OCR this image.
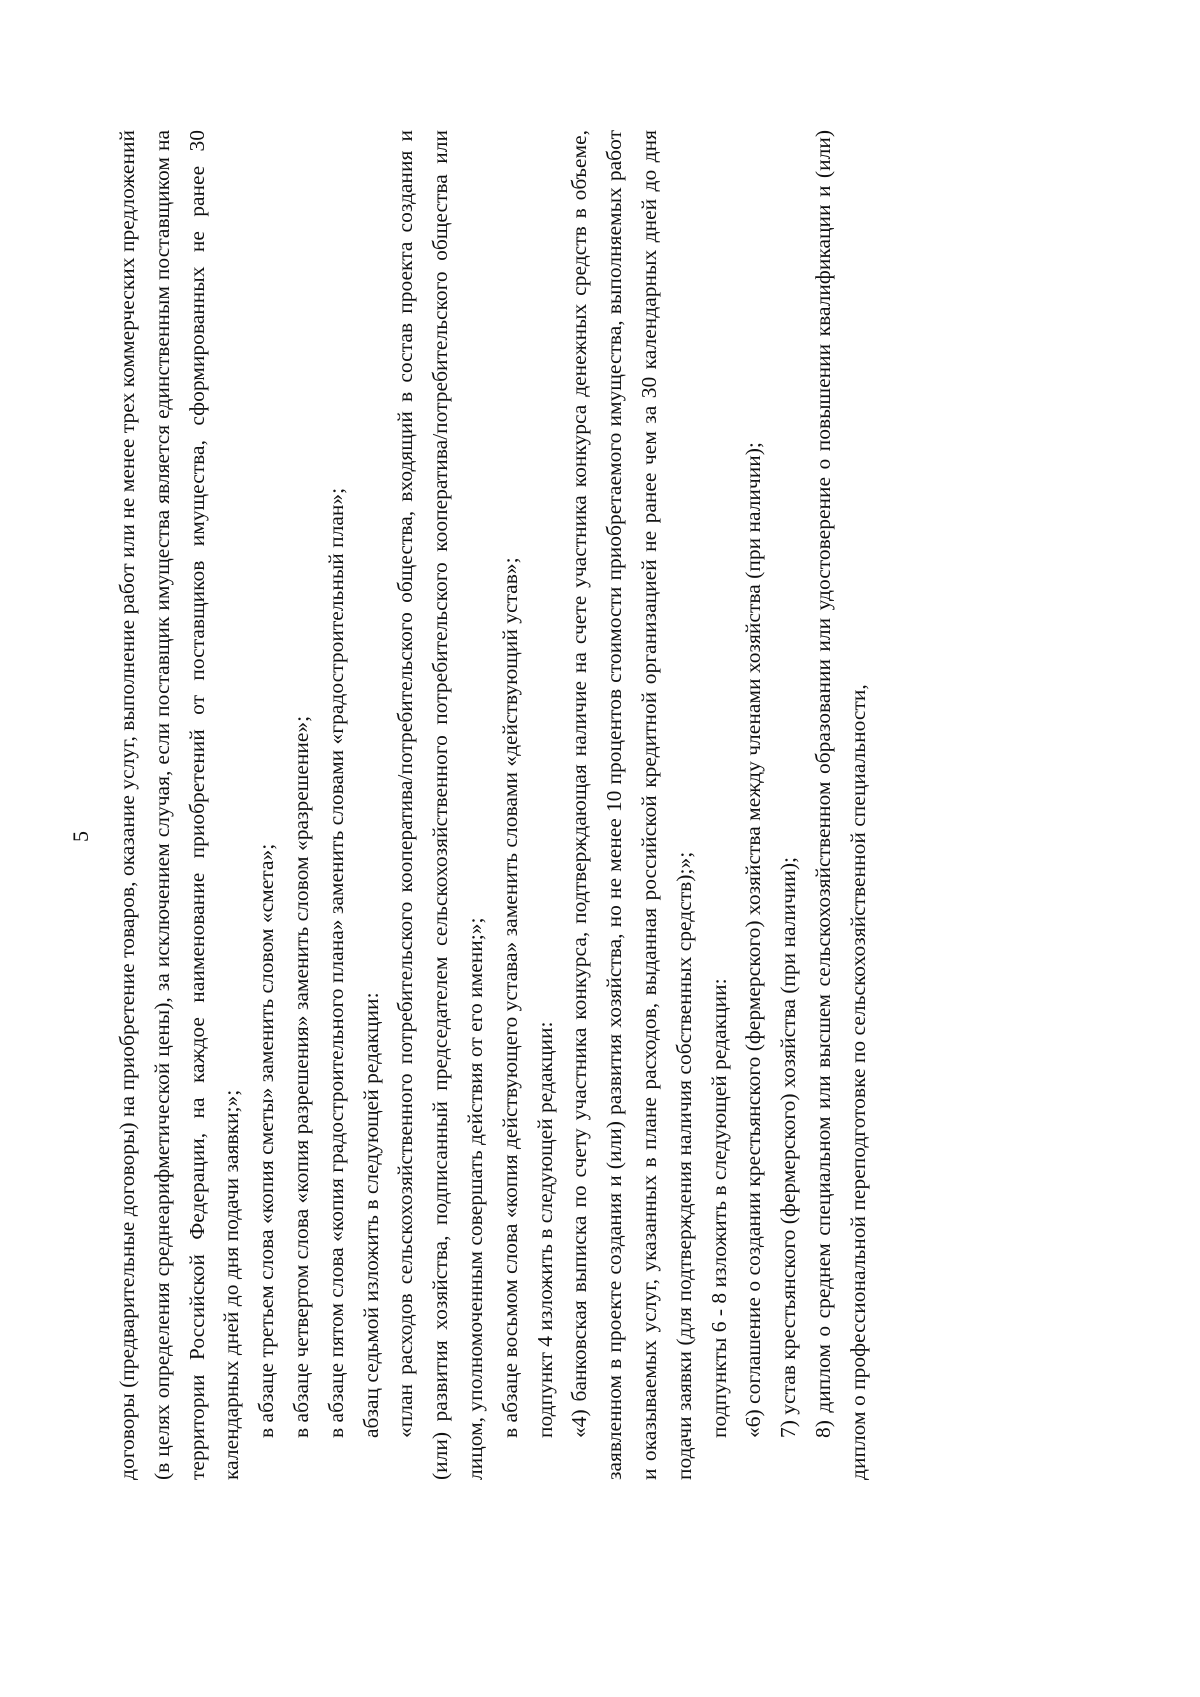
5 договоры (предварительные договоры) на приобретение товаров, оказание услуг, выполнение работ или не менее трех коммерческих предложений (в целях определения среднеарифметической цены), за исключением случая, если поставщик имущества является единственным поставщиком на территории Российской Федерации, на каждое наименование приобретений от поставщиков имущества, сформированных не ранее 30 календарных дней до дня подачи заявки;»; в абзаце третьем слова «копия сметы» заменить словом «смета»; в абзаце четвертом слова «копия разрешения» заменить словом «разрешение»; в абзаце пятом слова «копия градостроительного плана» заменить словами «градостроительный план»; абзац седьмой изложить в следующей редакции: «план расходов сельскохозяйственного потребительского кооператива/потребительского общества, входящий в состав проекта создания и (или) развития хозяйства, подписанный председателем сельскохозяйственного потребительского кооператива/потребительского общества или лицом, уполномоченным совершать действия от его имени;»; в абзаце восьмом слова «копия действующего устава» заменить словами «действующий устав»; подпункт 4 изложить в следующей редакции: «4) банковская выписка по счету участника конкурса, подтверждающая наличие на счете участника конкурса денежных средств в объеме, заявленном в проекте создания и (или) развития хозяйства, но не менее 10 процентов стоимости приобретаемого имущества, выполняемых работ и оказываемых услуг, указанных в плане расходов, выданная российской кредитной организацией не ранее чем за 30 календарных дней до дня подачи заявки (для подтверждения наличия собственных средств);»; подпункты 6 - 8 изложить в следующей редакции: «6) соглашение о создании крестьянского (фермерского) хозяйства между членами хозяйства (при наличии); 7) устав крестьянского (фермерского) хозяйства (при наличии); 8) диплом о среднем специальном или высшем сельскохозяйственном образовании или удостоверение о повышении квалификации и (или) диплом о профессиональной переподготовке по сельскохозяйственной специальности,
